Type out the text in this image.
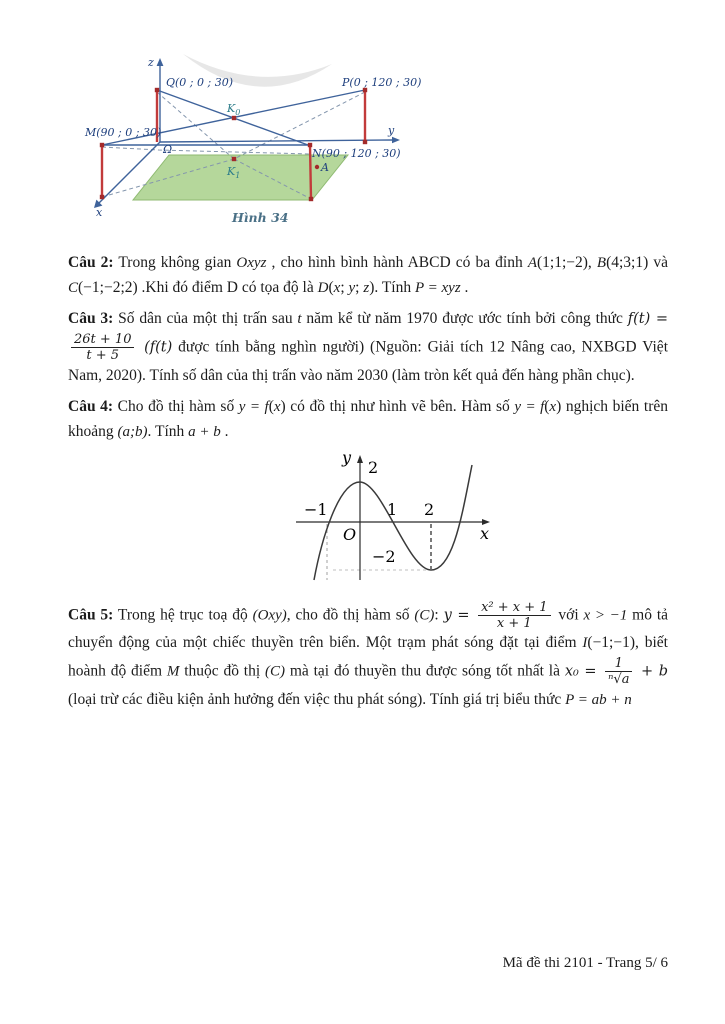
z
y
x
Q(0 ; 0 ; 30)	P(0 ; 120 ; 30)
M(90 ; 0 ; 30)
N(90 ; 120 ; 30)
Ω
A
$K_0$
$K_1$
Hình 34

Câu 2: Trong không gian Oxyz , cho hình bình hành ABCD có ba đỉnh A(1;1;−2), B(4;3;1) và C(−1;−2;2) .Khi đó điểm D có tọa độ là D(x; y; z). Tính P = xyz .

Câu 3: Số dân của một thị trấn sau t năm kể từ năm 1970 được ước tính bởi công thức f(t) =
$\frac{26t + 10}{t + 5} (f(t)$ được tính bằng nghìn người) (Nguồn: Giải tích 12 Nâng cao, NXBGD Việt Nam, 2020). Tính số dân của thị trấn vào năm 2030 (làm tròn kết quả đến hàng phần chục).

Câu 4: Cho đồ thị hàm số y = f(x) có đồ thị như hình vẽ bên. Hàm số y = f(x) nghịch biến trên khoảng (a;b). Tính a + b .

y
x
2
−1	1 2
O
−2

Câu 5: Trong hệ trục toạ độ (Oxy), cho đồ thị hàm số (C): $y = \frac{\text{x² + x + 1}}{x + 1}$ với x > −1 mô tả chuyển động của một chiếc thuyền trên biển. Một trạm phát sóng đặt tại điểm I(−1;−1), biết hoành độ điểm M thuộc đồ thị (C) mà tại đó thuyền thu được sóng tốt nhất là $x_0 = \frac{1}{\text{ⁿ√a}} + b$ (loại trừ các điều kiện ảnh hưởng đến việc thu phát sóng). Tính giá trị biểu thức P = ab + n

Mã đề thi 2101 - Trang 5/ 6
